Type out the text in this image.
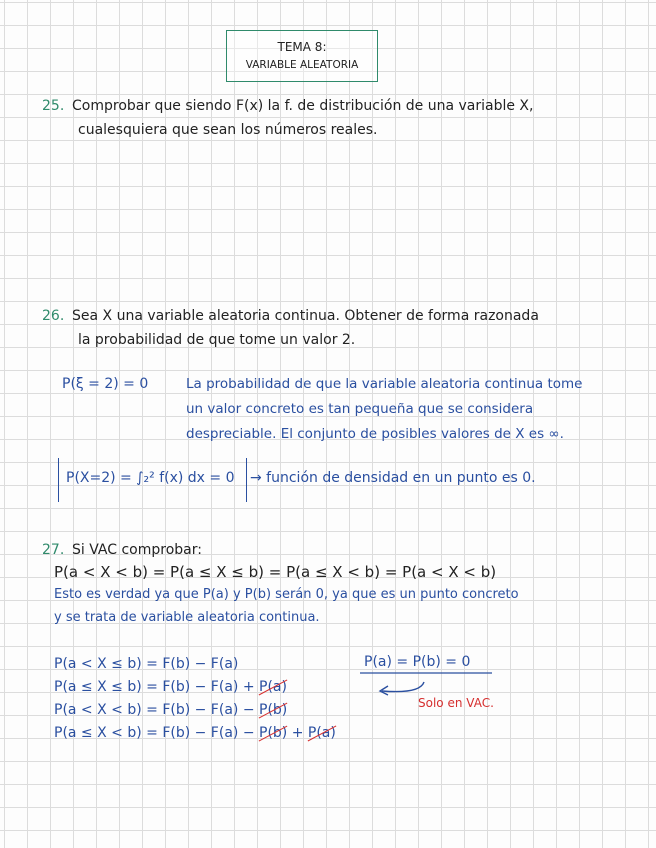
TEMA 8:
VARIABLE ALEATORIA
25. Comprobar que siendo F(x) la f. de distribución de una variable X,
cualesquiera que sean los números reales.
26. Sea X una variable aleatoria continua. Obtener de forma razonada
la probabilidad de que tome un valor 2.
P(ξ = 2) = 0	La probabilidad de que la variable aleatoria continua tome
un valor concreto es tan pequeña que se considera
despreciable. El conjunto de posibles valores de X es ∞.
P(X=2) = ∫₂² f(x) dx = 0 → función de densidad en un punto es 0.
27. Si VAC comprobar:
P(a < X < b) = P(a ≤ X ≤ b) = P(a ≤ X < b) = P(a < X < b)
Esto es verdad ya que P(a) y P(b) serán 0, ya que es un punto concreto
y se trata de variable aleatoria continua.
P(a < X ≤ b) = F(b) − F(a)
P(a ≤ X ≤ b) = F(b) − F(a) + P(a)
P(a < X < b) = F(b) − F(a) − P(b)
P(a ≤ X < b) = F(b) − F(a) − P(b) + P(a)
P(a) = P(b) = 0
Solo en VAC.
